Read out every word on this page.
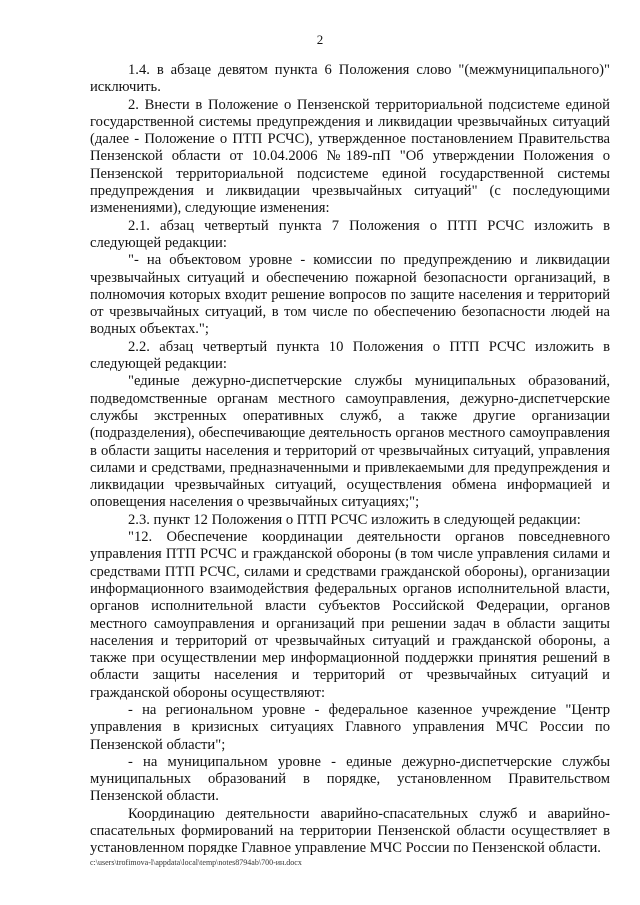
2

1.4. в абзаце девятом пункта 6 Положения слово "(межмуниципального)" исключить.

2. Внести в Положение о Пензенской территориальной подсистеме единой государственной системы предупреждения и ликвидации чрезвычайных ситуаций (далее - Положение о ПТП РСЧС), утвержденное постановлением Правительства Пензенской области от 10.04.2006 №189-пП "Об утверждении Положения о Пензенской территориальной подсистеме единой государственной системы предупреждения и ликвидации чрезвычайных ситуаций" (с последующими изменениями), следующие изменения:

2.1. абзац четвертый пункта 7 Положения о ПТП РСЧС изложить в следующей редакции:

"- на объектовом уровне - комиссии по предупреждению и ликвидации чрезвычайных ситуаций и обеспечению пожарной безопасности организаций, в полномочия которых входит решение вопросов по защите населения и территорий от чрезвычайных ситуаций, в том числе по обеспечению безопасности людей на водных объектах.";

2.2. абзац четвертый пункта 10 Положения о ПТП РСЧС изложить в следующей редакции:

"единые дежурно-диспетчерские службы муниципальных образований, подведомственные органам местного самоуправления, дежурно-диспетчерские службы экстренных оперативных служб, а также другие организации (подразделения), обеспечивающие деятельность органов местного самоуправления в области защиты населения и территорий от чрезвычайных ситуаций, управления силами и средствами, предназначенными и привлекаемыми для предупреждения и ликвидации чрезвычайных ситуаций, осуществления обмена информацией и оповещения населения о чрезвычайных ситуациях;";

2.3. пункт 12 Положения о ПТП РСЧС изложить в следующей редакции:

"12. Обеспечение координации деятельности органов повседневного управления ПТП РСЧС и гражданской обороны (в том числе управления силами и средствами ПТП РСЧС, силами и средствами гражданской обороны), организации информационного взаимодействия федеральных органов исполнительной власти, органов исполнительной власти субъектов Российской Федерации, органов местного самоуправления и организаций при решении задач в области защиты населения и территорий от чрезвычайных ситуаций и гражданской обороны, а также при осуществлении мер информационной поддержки принятия решений в области защиты населения и территорий от чрезвычайных ситуаций и гражданской обороны осуществляют:

- на региональном уровне - федеральное казенное учреждение "Центр управления в кризисных ситуациях Главного управления МЧС России по Пензенской области";

- на муниципальном уровне - единые дежурно-диспетчерские службы муниципальных образований в порядке, установленном Правительством Пензенской области.

Координацию деятельности аварийно-спасательных служб и аварийно-спасательных формирований на территории Пензенской области осуществляет в установленном порядке Главное управление МЧС России по Пензенской области.

c:\users\trofimova-l\appdata\local\temp\notes8794ab\700-ин.docx
